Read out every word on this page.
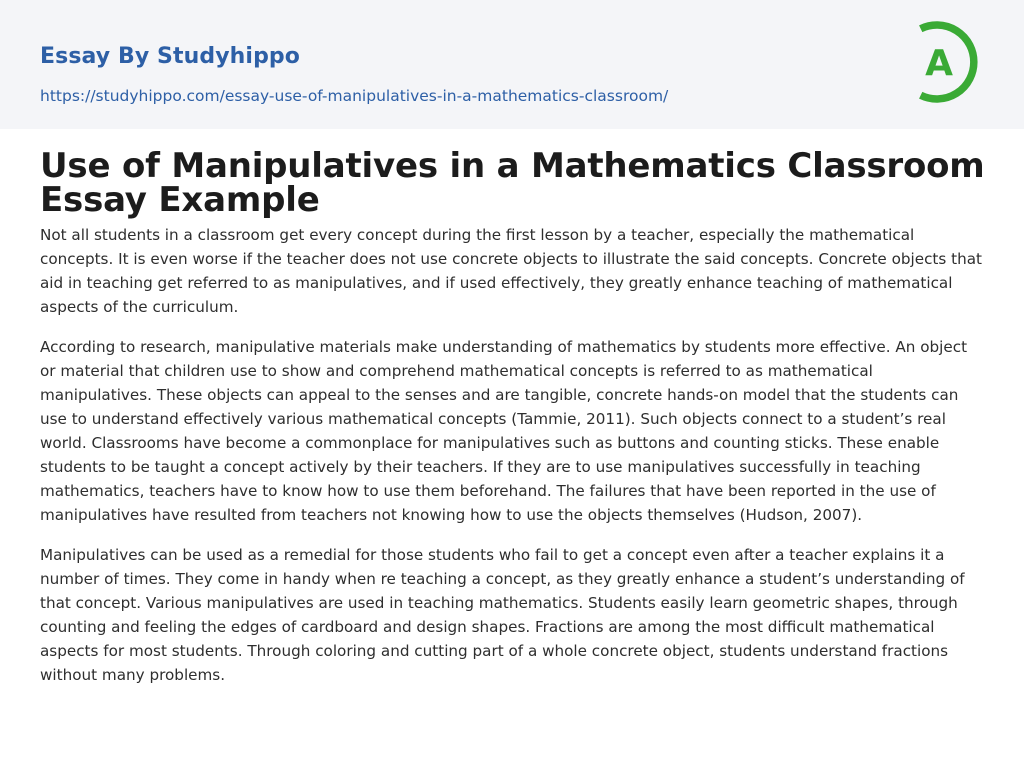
Essay By Studyhippo
https://studyhippo.com/essay-use-of-manipulatives-in-a-mathematics-classroom/
A
Use of Manipulatives in a Mathematics Classroom Essay Example

Not all students in a classroom get every concept during the first lesson by a teacher, especially the mathematical concepts. It is even worse if the teacher does not use concrete objects to illustrate the said concepts. Concrete objects that aid in teaching get referred to as manipulatives, and if used effectively, they greatly enhance teaching of mathematical aspects of the curriculum.

According to research, manipulative materials make understanding of mathematics by students more effective. An object or material that children use to show and comprehend mathematical concepts is referred to as mathematical manipulatives. These objects can appeal to the senses and are tangible, concrete hands-on model that the students can use to understand effectively various mathematical concepts (Tammie, 2011). Such objects connect to a student’s real world. Classrooms have become a commonplace for manipulatives such as buttons and counting sticks. These enable students to be taught a concept actively by their teachers. If they are to use manipulatives successfully in teaching mathematics, teachers have to know how to use them beforehand. The failures that have been reported in the use of manipulatives have resulted from teachers not knowing how to use the objects themselves (Hudson, 2007).

Manipulatives can be used as a remedial for those students who fail to get a concept even after a teacher explains it a number of times. They come in handy when re teaching a concept, as they greatly enhance a student’s understanding of that concept. Various manipulatives are used in teaching mathematics. Students easily learn geometric shapes, through counting and feeling the edges of cardboard and design shapes. Fractions are among the most difficult mathematical aspects for most students. Through coloring and cutting part of a whole concrete object, students understand fractions without many problems.
